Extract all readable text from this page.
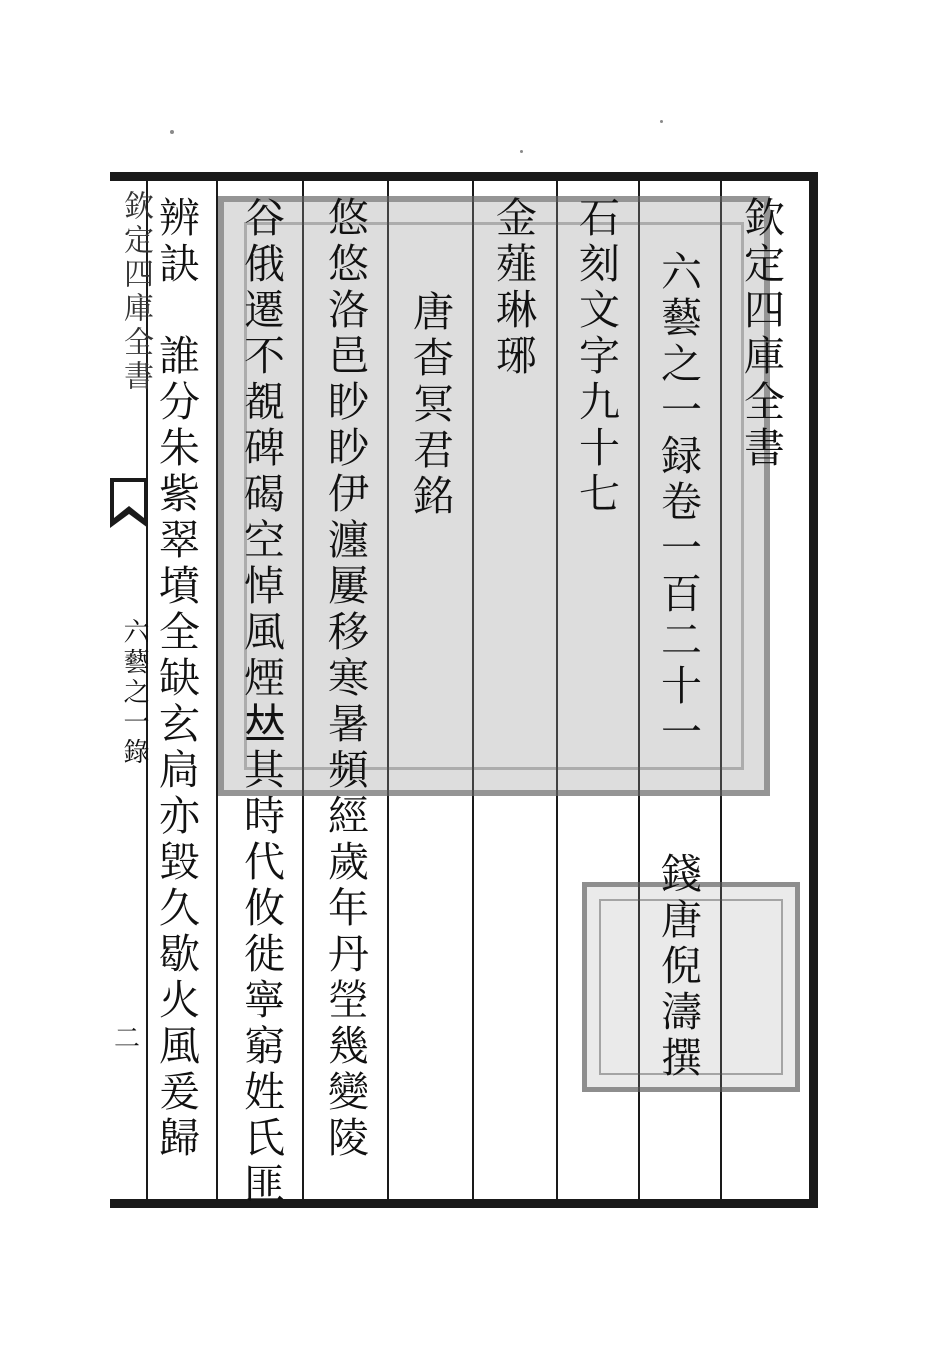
欽定四庫全書
六藝之一錄
二
欽定四庫全書
六藝之一録卷一百二十一
石刻文字九十七
金薤琳琊
唐杳冥君銘
悠悠洛邑眇眇伊瀍屢移寒暑頻經歲年丹塋幾變陵
谷俄遷不覩碑碣空悼風煙𠀤其時代攸徙寧窮姓氏匪
辨訣　誰分朱紫翠墳全缺玄扃亦毀久歇火風爰歸	錢唐倪濤撰
